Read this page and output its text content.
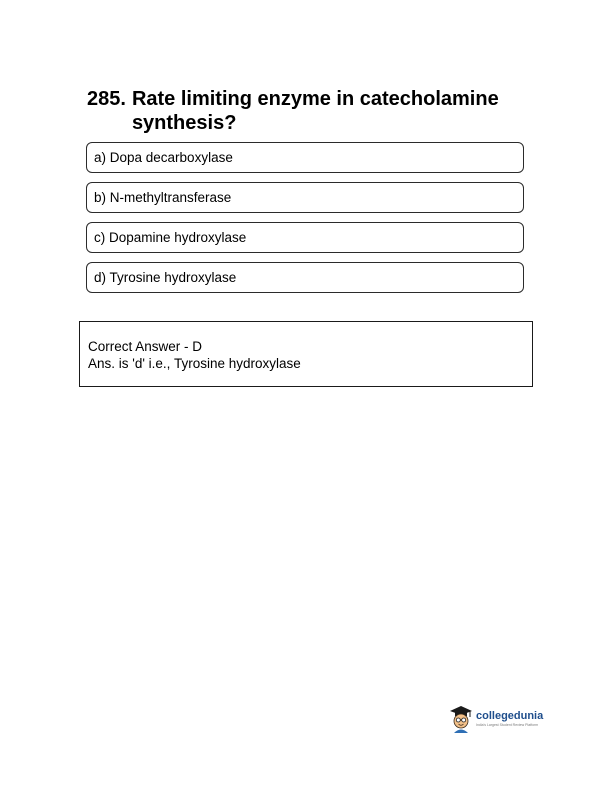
285. Rate limiting enzyme in catecholamine synthesis?
a) Dopa decarboxylase
b) N-methyltransferase
c) Dopamine hydroxylase
d) Tyrosine hydroxylase
Correct Answer - D
Ans. is 'd' i.e., Tyrosine hydroxylase
collegedunia
India's Largest Student Review Platform
